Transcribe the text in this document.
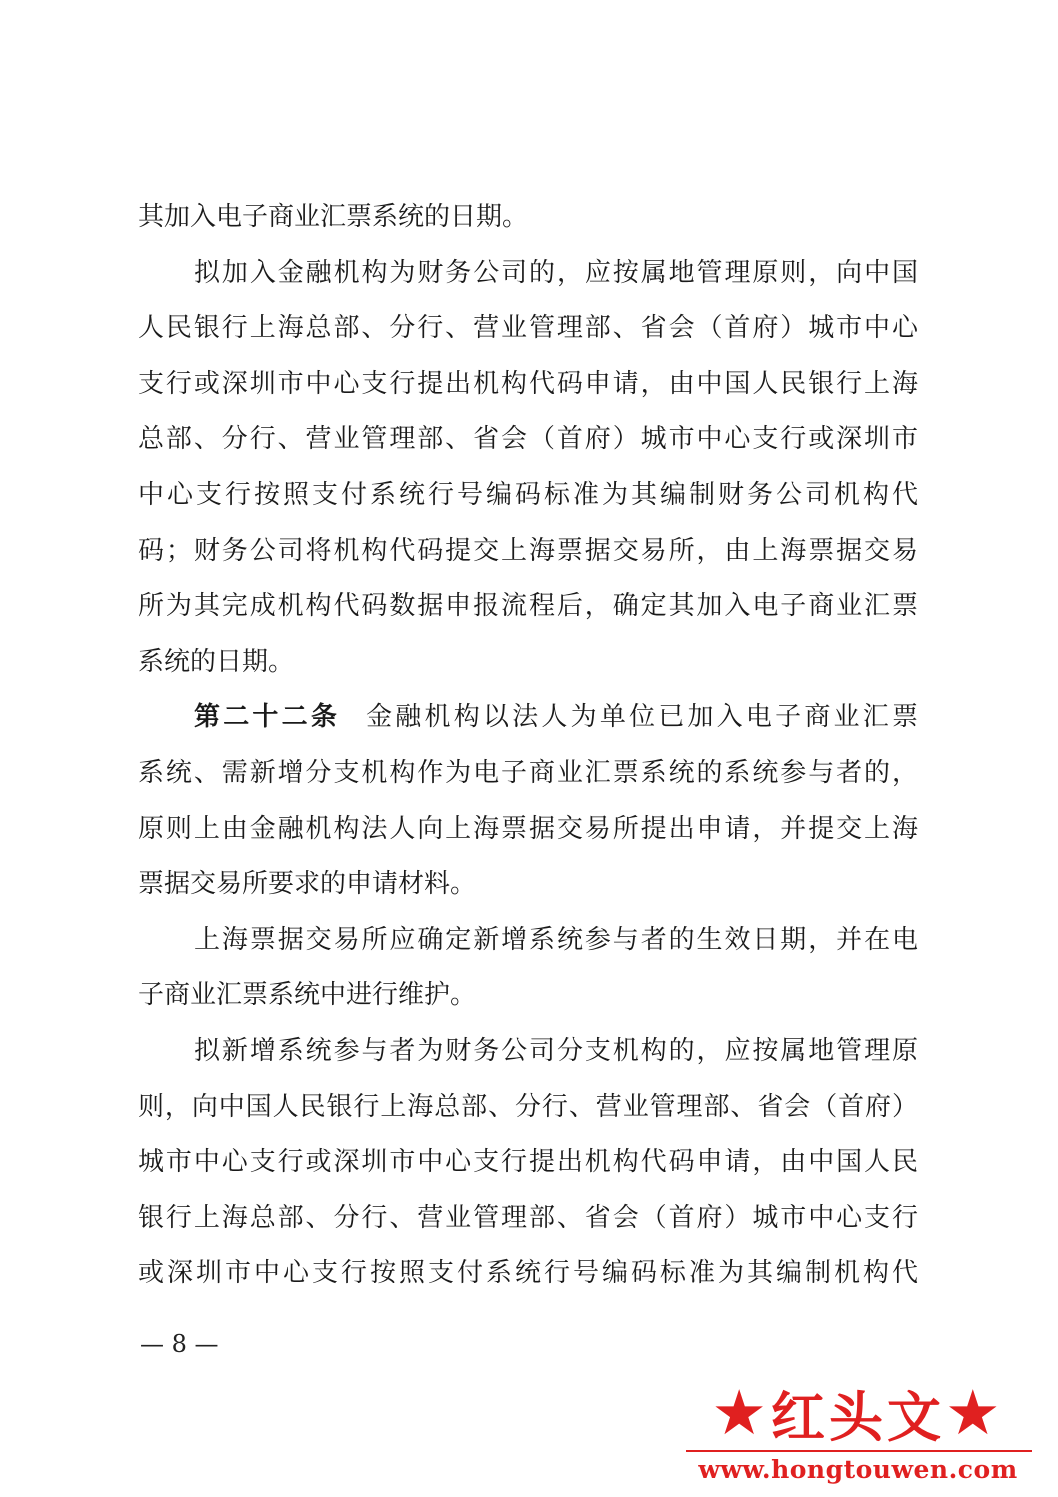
其加入电子商业汇票系统的日期。
拟加入金融机构为财务公司的，应按属地管理原则，向中国
人民银行上海总部、分行、营业管理部、省会（首府）城市中心
支行或深圳市中心支行提出机构代码申请，由中国人民银行上海
总部、分行、营业管理部、省会（首府）城市中心支行或深圳市
中心支行按照支付系统行号编码标准为其编制财务公司机构代
码；财务公司将机构代码提交上海票据交易所，由上海票据交易
所为其完成机构代码数据申报流程后，确定其加入电子商业汇票
系统的日期。
第二十二条 金融机构以法人为单位已加入电子商业汇票
系统、需新增分支机构作为电子商业汇票系统的系统参与者的，
原则上由金融机构法人向上海票据交易所提出申请，并提交上海
票据交易所要求的申请材料。
上海票据交易所应确定新增系统参与者的生效日期，并在电
子商业汇票系统中进行维护。
拟新增系统参与者为财务公司分支机构的，应按属地管理原
则，向中国人民银行上海总部、分行、营业管理部、省会（首府）
城市中心支行或深圳市中心支行提出机构代码申请，由中国人民
银行上海总部、分行、营业管理部、省会（首府）城市中心支行
或深圳市中心支行按照支付系统行号编码标准为其编制机构代
— 8 —
★ 红头文 ★
www.hongtouwen.com
